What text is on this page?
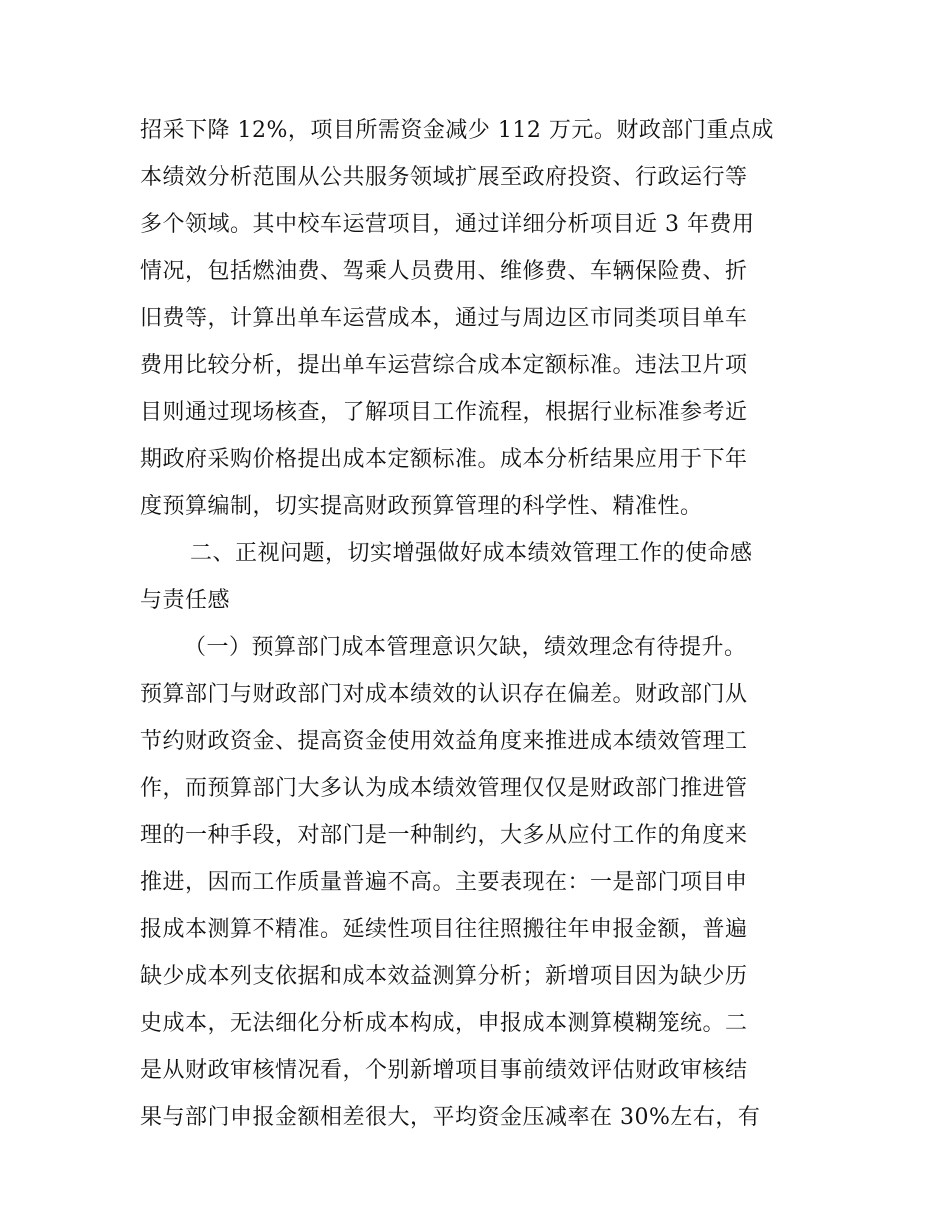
招采下降 12%，项目所需资金减少 112 万元。财政部门重点成
本绩效分析范围从公共服务领域扩展至政府投资、行政运行等
多个领域。其中校车运营项目，通过详细分析项目近 3 年费用
情况，包括燃油费、驾乘人员费用、维修费、车辆保险费、折
旧费等，计算出单车运营成本，通过与周边区市同类项目单车
费用比较分析，提出单车运营综合成本定额标准。违法卫片项
目则通过现场核查，了解项目工作流程，根据行业标准参考近
期政府采购价格提出成本定额标准。成本分析结果应用于下年
度预算编制，切实提高财政预算管理的科学性、精准性。
二、正视问题，切实增强做好成本绩效管理工作的使命感
与责任感
（一）预算部门成本管理意识欠缺，绩效理念有待提升。
预算部门与财政部门对成本绩效的认识存在偏差。财政部门从
节约财政资金、提高资金使用效益角度来推进成本绩效管理工
作，而预算部门大多认为成本绩效管理仅仅是财政部门推进管
理的一种手段，对部门是一种制约，大多从应付工作的角度来
推进，因而工作质量普遍不高。主要表现在：一是部门项目申
报成本测算不精准。延续性项目往往照搬往年申报金额，普遍
缺少成本列支依据和成本效益测算分析；新增项目因为缺少历
史成本，无法细化分析成本构成，申报成本测算模糊笼统。二
是从财政审核情况看，个别新增项目事前绩效评估财政审核结
果与部门申报金额相差很大，平均资金压减率在 30%左右，有
